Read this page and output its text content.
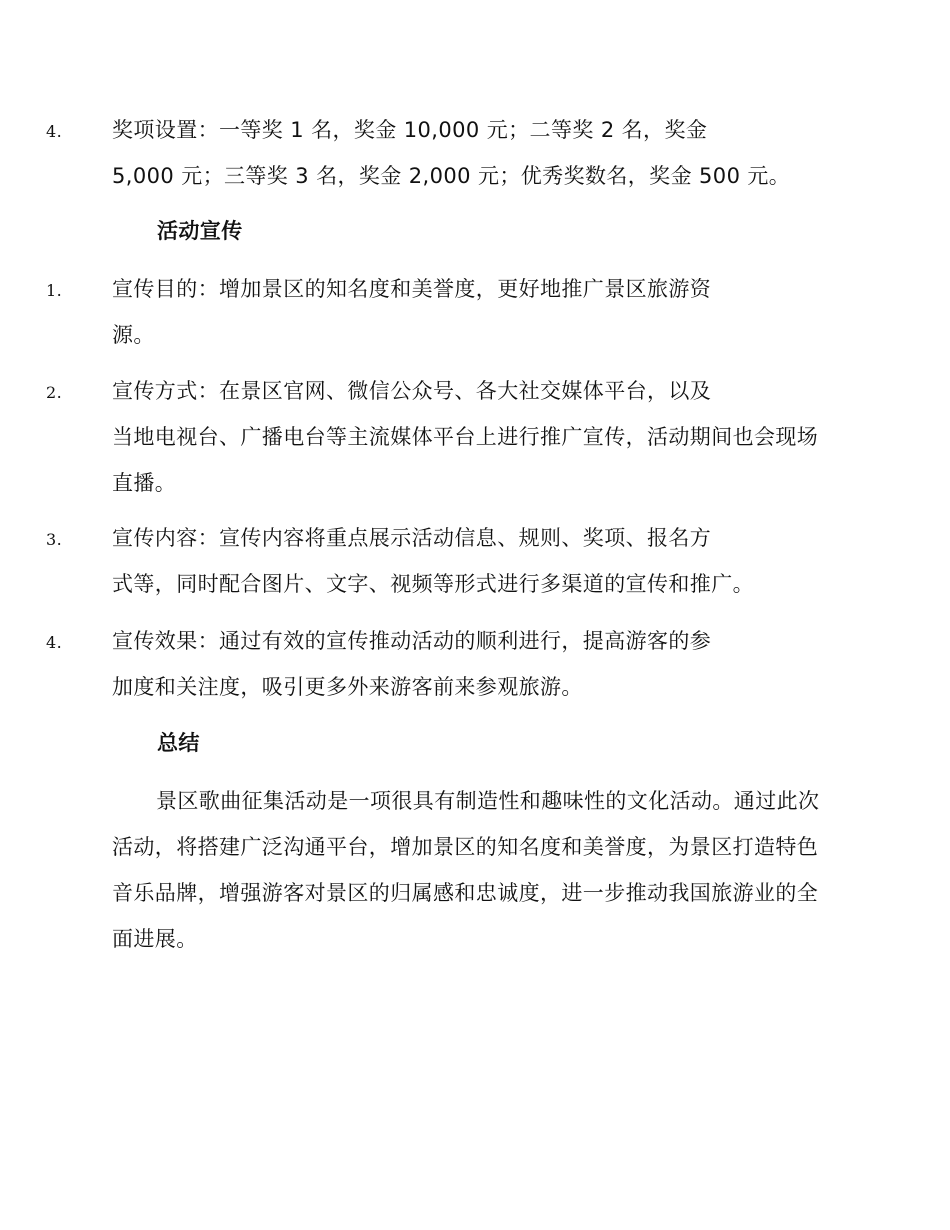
4. 奖项设置：一等奖 1 名，奖金 10,000 元；二等奖 2 名，奖金
5,000 元；三等奖 3 名，奖金 2,000 元；优秀奖数名，奖金 500 元。
活动宣传
1. 宣传目的：增加景区的知名度和美誉度，更好地推广景区旅游资
源。
2. 宣传方式：在景区官网、微信公众号、各大社交媒体平台，以及
当地电视台、广播电台等主流媒体平台上进行推广宣传，活动期间也会现场
直播。
3. 宣传内容：宣传内容将重点展示活动信息、规则、奖项、报名方
式等，同时配合图片、文字、视频等形式进行多渠道的宣传和推广。
4. 宣传效果：通过有效的宣传推动活动的顺利进行，提高游客的参
加度和关注度，吸引更多外来游客前来参观旅游。
总结
景区歌曲征集活动是一项很具有制造性和趣味性的文化活动。通过此次
活动，将搭建广泛沟通平台，增加景区的知名度和美誉度，为景区打造特色
音乐品牌，增强游客对景区的归属感和忠诚度，进一步推动我国旅游业的全
面进展。
